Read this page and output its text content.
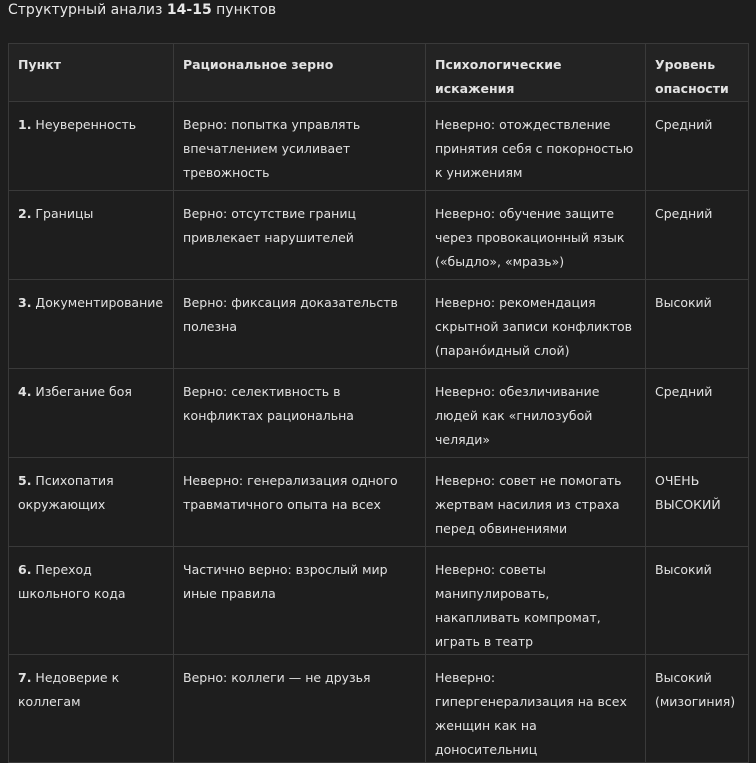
Структурный анализ 14-15 пунктов
Пункт	Рациональное зерно	Психологические искажения	Уровень опасности
1. Неуверенность	Верно: попытка управлять впечатлением усиливает тревожность	Неверно: отождествление принятия себя с покорностью к унижениям	Средний
2. Границы	Верно: отсутствие границ привлекает нарушителей	Неверно: обучение защите через провокационный язык («быдло», «мразь»)	Средний
3. Документирование	Верно: фиксация доказательств полезна	Неверно: рекомендация скрытной записи конфликтов (паранóидный слой)	Высокий
4. Избегание боя	Верно: селективность в конфликтах рациональна	Неверно: обезличивание людей как «гнилозубой челяди»	Средний
5. Психопатия окружающих	Неверно: генерализация одного травматичного опыта на всех	Неверно: совет не помогать жертвам насилия из страха перед обвинениями	ОЧЕНЬ ВЫСОКИЙ
6. Переход школьного кода	Частично верно: взрослый мир иные правила	Неверно: советы манипулировать, накапливать компромат, играть в театр	Высокий
7. Недоверие к коллегам	Верно: коллеги — не друзья	Неверно: гипергенерализация на всех женщин как на доносительниц	Высокий (мизогиния)
